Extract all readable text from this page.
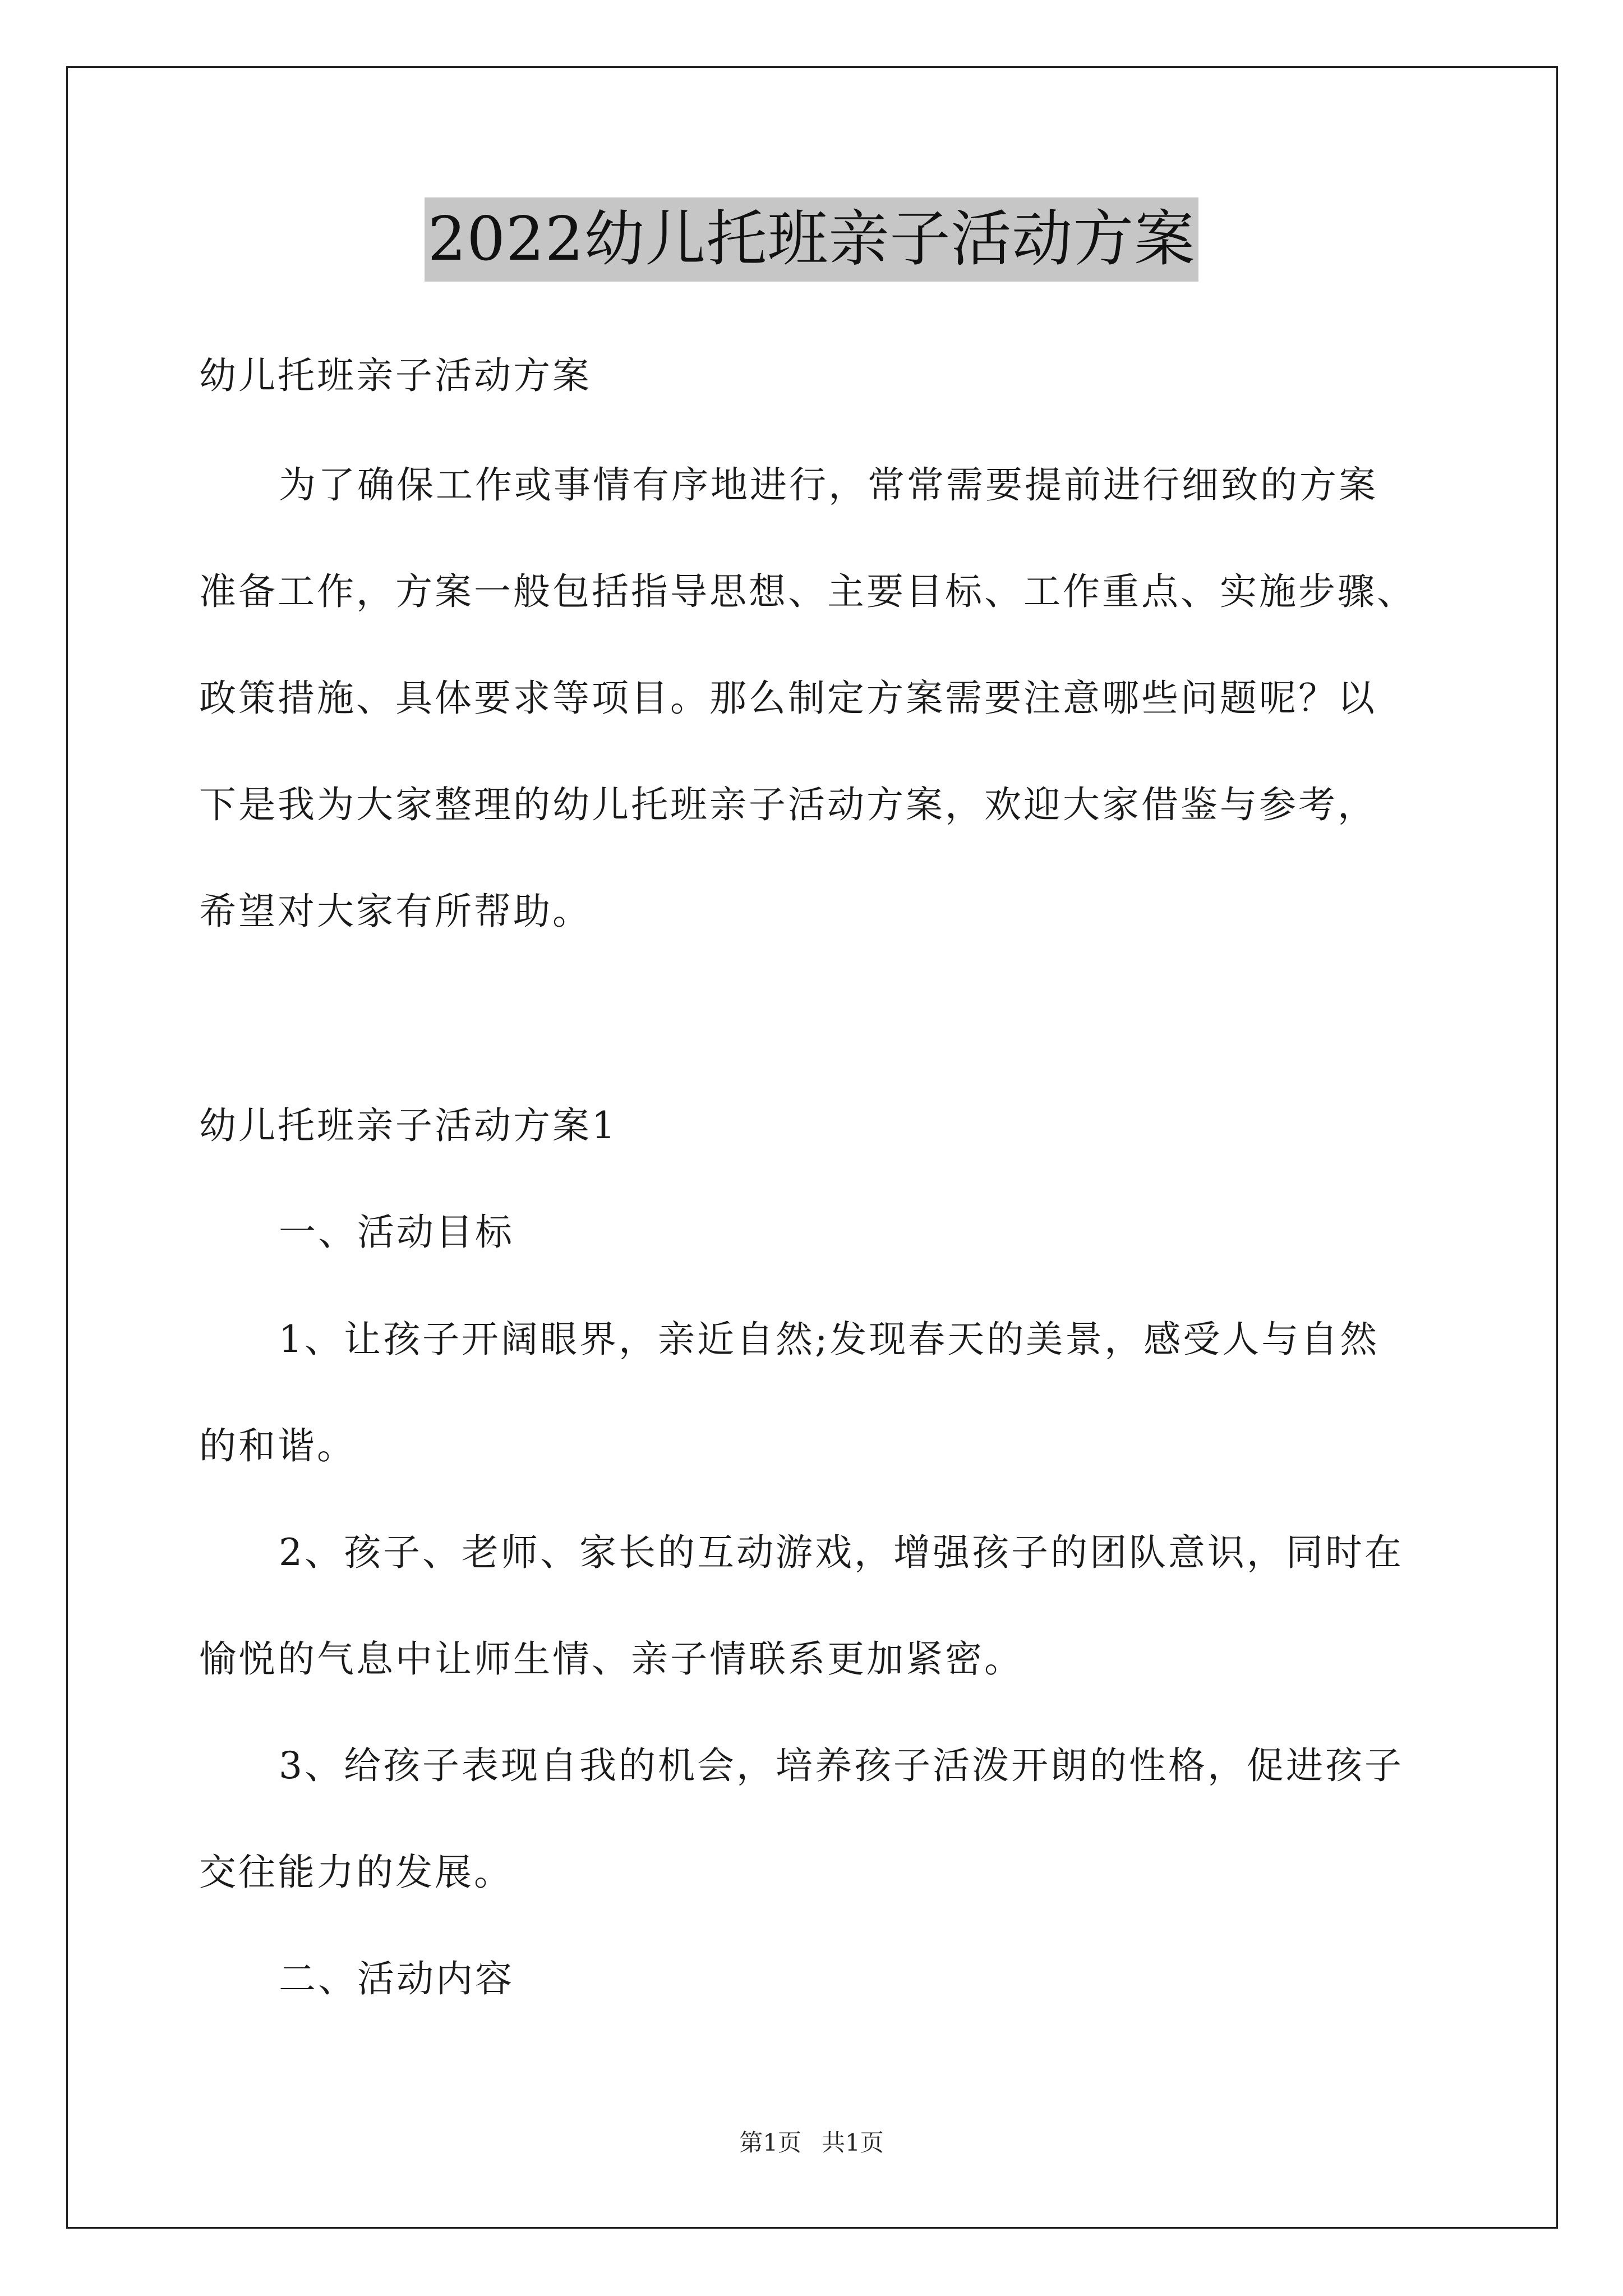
2022幼儿托班亲子活动方案
幼儿托班亲子活动方案
为了确保工作或事情有序地进行，常常需要提前进行细致的方案
准备工作，方案一般包括指导思想、主要目标、工作重点、实施步骤、
政策措施、具体要求等项目。那么制定方案需要注意哪些问题呢？以
下是我为大家整理的幼儿托班亲子活动方案，欢迎大家借鉴与参考，
希望对大家有所帮助。
幼儿托班亲子活动方案1
一、活动目标
1、让孩子开阔眼界，亲近自然;发现春天的美景，感受人与自然
的和谐。
2、孩子、老师、家长的互动游戏，增强孩子的团队意识，同时在
愉悦的气息中让师生情、亲子情联系更加紧密。
3、给孩子表现自我的机会，培养孩子活泼开朗的性格，促进孩子
交往能力的发展。
二、活动内容
第1页 共1页
